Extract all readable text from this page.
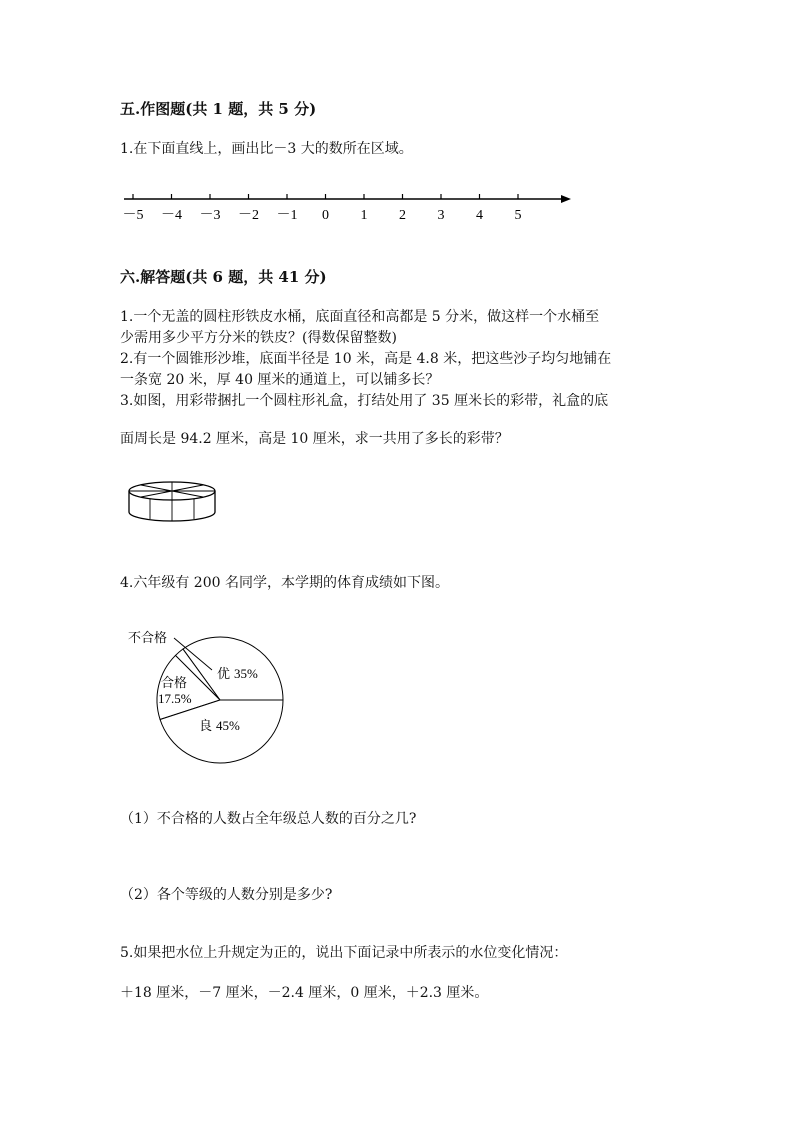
五.作图题(共 1 题，共 5 分)
1.在下面直线上，画出比－3 大的数所在区域。
－5 －4 －3 －2 －1 0 1 2 3 4 5
六.解答题(共 6 题，共 41 分)
1.一个无盖的圆柱形铁皮水桶，底面直径和高都是 5 分米，做这样一个水桶至
少需用多少平方分米的铁皮？(得数保留整数)
2.有一个圆锥形沙堆，底面半径是 10 米，高是 4.8 米，把这些沙子均匀地铺在
一条宽 20 米，厚 40 厘米的通道上，可以铺多长？
3.如图，用彩带捆扎一个圆柱形礼盒，打结处用了 35 厘米长的彩带，礼盒的底
面周长是 94.2 厘米，高是 10 厘米，求一共用了多长的彩带？
4.六年级有 200 名同学，本学期的体育成绩如下图。
不合格
合格
17.5%
优 35%
良 45%
（1）不合格的人数占全年级总人数的百分之几?
（2）各个等级的人数分别是多少?
5.如果把水位上升规定为正的，说出下面记录中所表示的水位变化情况：
＋18 厘米，－7 厘米，－2.4 厘米，0 厘米，＋2.3 厘米。
